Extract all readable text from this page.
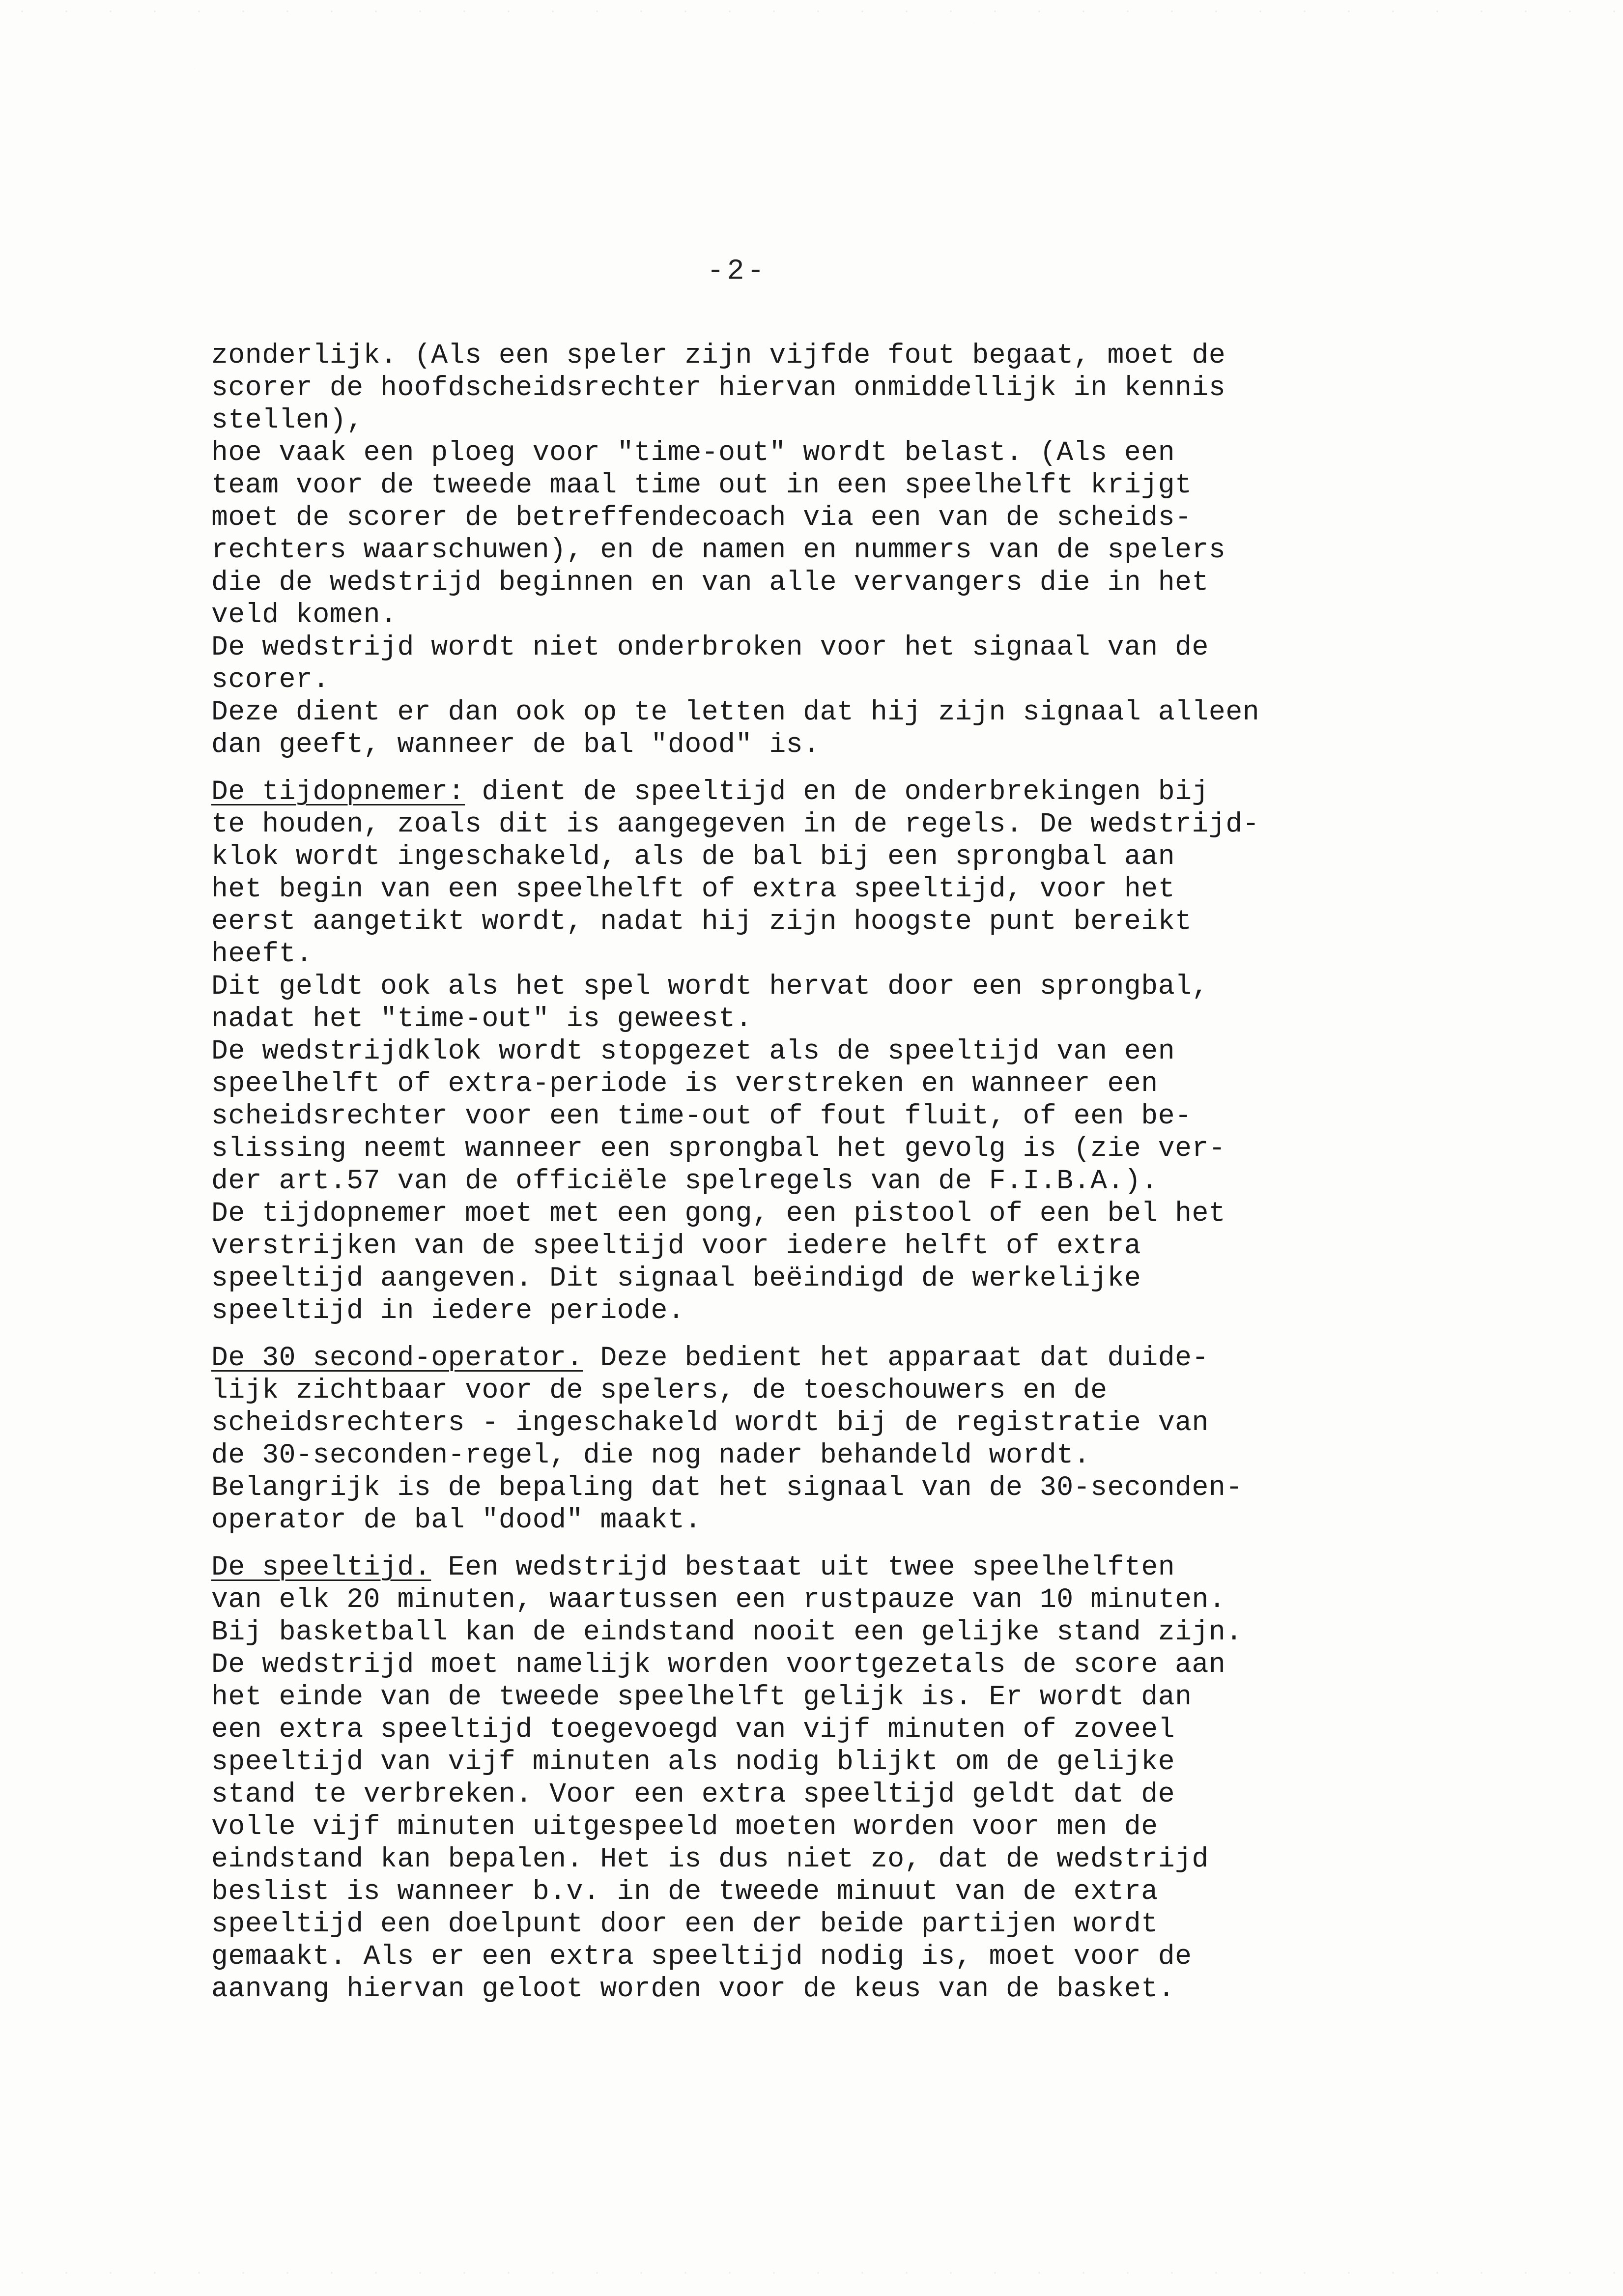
-2-
zonderlijk. (Als een speler zijn vijfde fout begaat, moet de
scorer de hoofdscheidsrechter hiervan onmiddellijk in kennis
stellen),
hoe vaak een ploeg voor "time-out" wordt belast. (Als een
team voor de tweede maal time out in een speelhelft krijgt
moet de scorer de betreffendecoach via een van de scheids-
rechters waarschuwen), en de namen en nummers van de spelers
die de wedstrijd beginnen en van alle vervangers die in het
veld komen.
De wedstrijd wordt niet onderbroken voor het signaal van de
scorer.
Deze dient er dan ook op te letten dat hij zijn signaal alleen
dan geeft, wanneer de bal "dood" is.
De tijdopnemer: dient de speeltijd en de onderbrekingen bij
te houden, zoals dit is aangegeven in de regels. De wedstrijd-
klok wordt ingeschakeld, als de bal bij een sprongbal aan
het begin van een speelhelft of extra speeltijd, voor het
eerst aangetikt wordt, nadat hij zijn hoogste punt bereikt
heeft.
Dit geldt ook als het spel wordt hervat door een sprongbal,
nadat het "time-out" is geweest.
De wedstrijdklok wordt stopgezet als de speeltijd van een
speelhelft of extra-periode is verstreken en wanneer een
scheidsrechter voor een time-out of fout fluit, of een be-
slissing neemt wanneer een sprongbal het gevolg is (zie ver-
der art.57 van de officiële spelregels van de F.I.B.A.).
De tijdopnemer moet met een gong, een pistool of een bel het
verstrijken van de speeltijd voor iedere helft of extra
speeltijd aangeven. Dit signaal beëindigd de werkelijke
speeltijd in iedere periode.
De 30 second-operator. Deze bedient het apparaat dat duide-
lijk zichtbaar voor de spelers, de toeschouwers en de
scheidsrechters - ingeschakeld wordt bij de registratie van
de 30-seconden-regel, die nog nader behandeld wordt.
Belangrijk is de bepaling dat het signaal van de 30-seconden-
operator de bal "dood" maakt.
De speeltijd. Een wedstrijd bestaat uit twee speelhelften
van elk 20 minuten, waartussen een rustpauze van 10 minuten.
Bij basketball kan de eindstand nooit een gelijke stand zijn.
De wedstrijd moet namelijk worden voortgezetals de score aan
het einde van de tweede speelhelft gelijk is. Er wordt dan
een extra speeltijd toegevoegd van vijf minuten of zoveel
speeltijd van vijf minuten als nodig blijkt om de gelijke
stand te verbreken. Voor een extra speeltijd geldt dat de
volle vijf minuten uitgespeeld moeten worden voor men de
eindstand kan bepalen. Het is dus niet zo, dat de wedstrijd
beslist is wanneer b.v. in de tweede minuut van de extra
speeltijd een doelpunt door een der beide partijen wordt
gemaakt. Als er een extra speeltijd nodig is, moet voor de
aanvang hiervan geloot worden voor de keus van de basket.
